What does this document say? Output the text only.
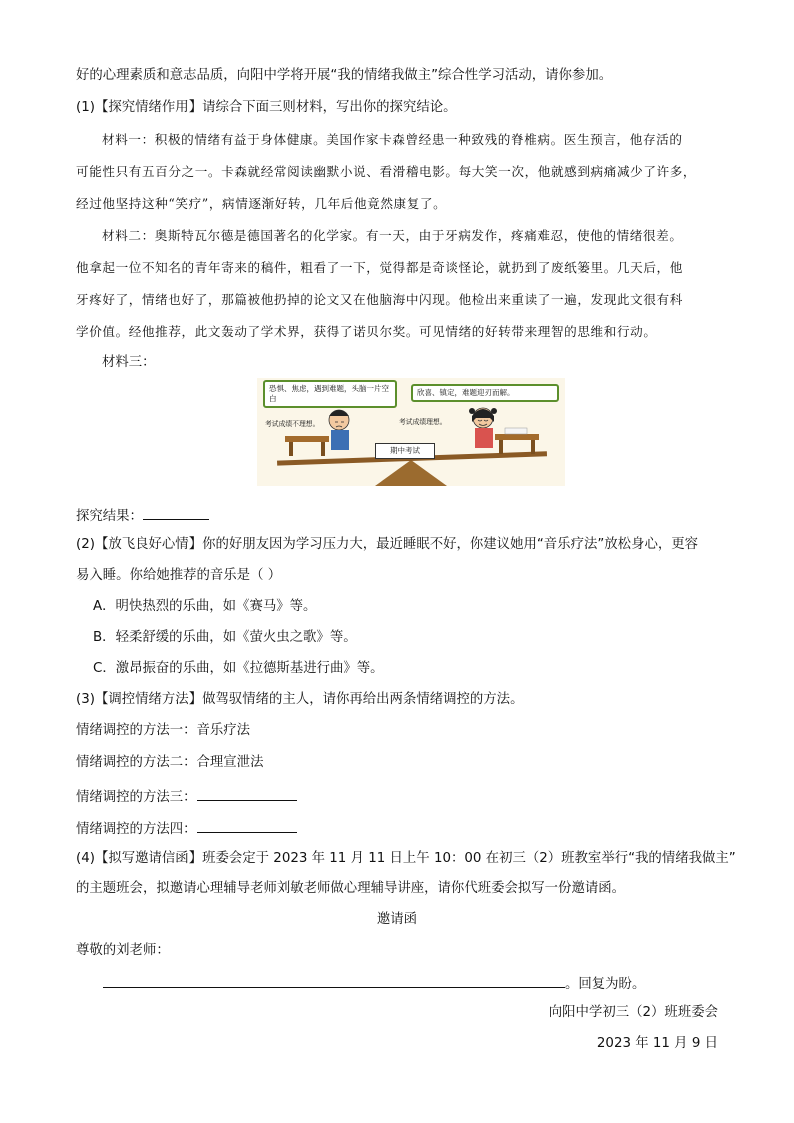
好的心理素质和意志品质，向阳中学将开展“我的情绪我做主”综合性学习活动，请你参加。
(1)【探究情绪作用】请综合下面三则材料，写出你的探究结论。
材料一：积极的情绪有益于身体健康。美国作家卡森曾经患一种致残的脊椎病。医生预言，他存活的
可能性只有五百分之一。卡森就经常阅读幽默小说、看滑稽电影。每大笑一次，他就感到病痛减少了许多，
经过他坚持这种“笑疗”，病情逐渐好转，几年后他竟然康复了。
材料二：奥斯特瓦尔德是德国著名的化学家。有一天，由于牙病发作，疼痛难忍，使他的情绪很差。
他拿起一位不知名的青年寄来的稿件，粗看了一下，觉得都是奇谈怪论，就扔到了废纸篓里。几天后，他
牙疼好了，情绪也好了，那篇被他扔掉的论文又在他脑海中闪现。他检出来重读了一遍，发现此文很有科
学价值。经他推荐，此文轰动了学术界，获得了诺贝尔奖。可见情绪的好转带来理智的思维和行动。
材料三：
恐惧、焦虑，遇到难题，头脑一片空白
考试成绩不理想。
欣喜、镇定，难题迎刃而解。
考试成绩理想。
期中考试
探究结果：
(2)【放飞良好心情】你的好朋友因为学习压力大，最近睡眠不好，你建议她用“音乐疗法”放松身心，更容
易入睡。你给她推荐的音乐是（ ）
A．明快热烈的乐曲，如《赛马》等。
B．轻柔舒缓的乐曲，如《萤火虫之歌》等。
C．激昂振奋的乐曲，如《拉德斯基进行曲》等。
(3)【调控情绪方法】做驾驭情绪的主人，请你再给出两条情绪调控的方法。
情绪调控的方法一：音乐疗法
情绪调控的方法二：合理宣泄法
情绪调控的方法三：
情绪调控的方法四：
(4)【拟写邀请信函】班委会定于 2023 年 11 月 11 日上午 10：00 在初三（2）班教室举行“我的情绪我做主”
的主题班会，拟邀请心理辅导老师刘敏老师做心理辅导讲座，请你代班委会拟写一份邀请函。
邀请函
尊敬的刘老师：
。回复为盼。
向阳中学初三（2）班班委会
2023 年 11 月 9 日
